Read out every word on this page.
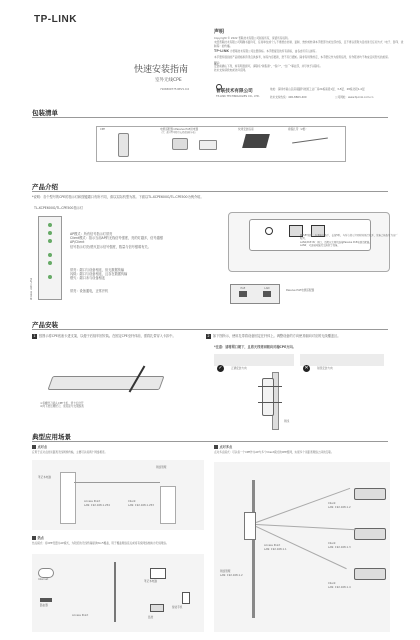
TP-LINK
快速安装指南
室外无线CPE
7106500775 REV1.0.0
声明
Copyright © 2022 普联技术有限公司版权所有，保留所有权利。
未经普联技术有限公司明确书面许可，任何单位或个人不得擅自仿制、复制、誊抄或转译本手册部分或全部内容，且不得以营利为目的进行任何方式（电子、影印、录制等）的传播。
TP-LINK 为普联技术有限公司注册商标。本手册提及的所有商标，由各自所有人拥有。
本手册所提到的产品规格和资讯仅供参考，如有内容更新，恕不另行通知。除非有特殊约定，本手册仅作为使用指导，所作陈述均不构成任何形式的担保。
提示：
安装前确认下列，如有明显损坏，请联系"销售商"，"客户"，"生厂"事业部，并尽快予以联系。
技术支持请致电或访问官网。
普联技术有限公司
TP-LINK TECHNOLOGIES CO., LTD.
地址：深圳市南山区深南路科技园工业厂房24栋南段1层、3-5层、28栋北段1-4层
技术支持热线：400-8863-400	公司网址：www.tp-link.com.cn
包装清单
CPE	电源适配器×Passive PoE供电器
（注：部分型号附带支架或抱箍卡扣）

快速安装指南	抱箍扎带（2根）
产品介绍
*说明：各个型号的CPE的指示灯和按键端口有所不同，请以实际机型为准。下面以TL-XCPE600G/TL-CPE500为例介绍。
TL-XCPE600G/TL-CPE500指示灯
Wireless LAN1 LAN2
AP模式：所有信号指示灯常亮
Client模式：指示当前AP的无线信号强度，亮的灯越多，信号越强
AP/Client
信号指示灯亮/熄灭显示信号强度，数量与信号强弱有关。
常亮：端口与设备相连，但无数据传输
闪烁：端口与设备相连，且存在数据传输
熄灭：端口未与设备相连
常亮：设备通电，正常开机
RESET按钮：在通电状态下，长按5秒，当所有指示灯同时闪烁后松开，设备会被恢复为出厂配置。
LAN1/PoE IN：网口，适配以太网线连接Passive PoE电源适配器。
LAN2：可连接电脑及交换机等设备。
PoE	LAN
Passive PoE电源适配器
产品安装
1 按图示将CPE底座卡进支架，以便于后续牢固安装。在固定CPE至杆体前，需将扎带穿入卡扣中。
①将螺丝刀插入CPE卡扣，使卡扣分开
②向下按压螺丝刀，使底座与支架脱离
2 如下图所示，使用扎带将设备固定在杆体上。调整设备的方向使其朝向对应的无线覆盖区。
*注意：请将网口朝下，且将天线背面朝向对端CPE方向。
✓	正确安装方向	✕	错误安装方向
网线
典型应用场景
点对点
应用于点对点的远距离无线网桥传输，主要可以将两个网络相连。
网络管理
笔记本电脑
Access Point
LAN: 192.168.1.254
Client
LAN: 192.168.1.253
热点
热点模式：将CPE设置为AP模式，为附近的无线终端提供Wi-Fi覆盖，用于覆盖网络盲点或将有线网络转换为无线网络。
Internet
路由器
Access Point
笔记本电脑
智能手机
监控
点对多点
点对多点模式：可以将一个CPE作为AP与多个Client模式的CPE组网，实现多个远距离网络之间的互联。
Access Point
LAN: 192.168.1.1
网络管理
LAN: 192.168.1.2
Client
LAN: 192.168.1.2
Client
LAN: 192.168.1.3
Client
LAN: 192.168.1.4
